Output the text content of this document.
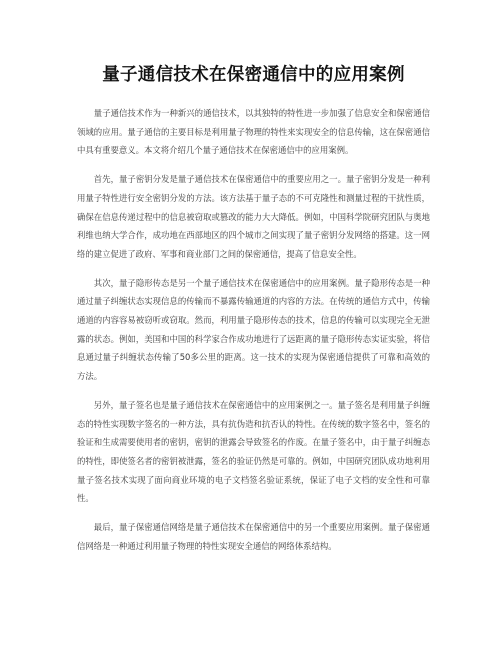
量子通信技术在保密通信中的应用案例

量子通信技术作为一种新兴的通信技术，以其独特的特性进一步加强了信息安全和保密通信领域的应用。量子通信的主要目标是利用量子物理的特性来实现安全的信息传输，这在保密通信中具有重要意义。本文将介绍几个量子通信技术在保密通信中的应用案例。

首先，量子密钥分发是量子通信技术在保密通信中的重要应用之一。量子密钥分发是一种利用量子特性进行安全密钥分发的方法。该方法基于量子态的不可克隆性和测量过程的干扰性质，确保在信息传递过程中的信息被窃取或篡改的能力大大降低。例如，中国科学院研究团队与奥地利维也纳大学合作，成功地在西部地区的四个城市之间实现了量子密钥分发网络的搭建。这一网络的建立促进了政府、军事和商业部门之间的保密通信，提高了信息安全性。

其次，量子隐形传态是另一个量子通信技术在保密通信中的应用案例。量子隐形传态是一种通过量子纠缠状态实现信息的传输而不暴露传输通道的内容的方法。在传统的通信方式中，传输通道的内容容易被窃听或窃取。然而，利用量子隐形传态的技术，信息的传输可以实现完全无泄露的状态。例如，美国和中国的科学家合作成功地进行了远距离的量子隐形传态实证实验，将信息通过量子纠缠状态传输了50多公里的距离。这一技术的实现为保密通信提供了可靠和高效的方法。

另外，量子签名也是量子通信技术在保密通信中的应用案例之一。量子签名是利用量子纠缠态的特性实现数字签名的一种方法，具有抗伪造和抗否认的特性。在传统的数字签名中，签名的验证和生成需要使用者的密钥，密钥的泄露会导致签名的作废。在量子签名中，由于量子纠缠态的特性，即使签名者的密钥被泄露，签名的验证仍然是可靠的。例如，中国研究团队成功地利用量子签名技术实现了面向商业环境的电子文档签名验证系统，保证了电子文档的安全性和可靠性。

最后，量子保密通信网络是量子通信技术在保密通信中的另一个重要应用案例。量子保密通信网络是一种通过利用量子物理的特性实现安全通信的网络体系结构。
